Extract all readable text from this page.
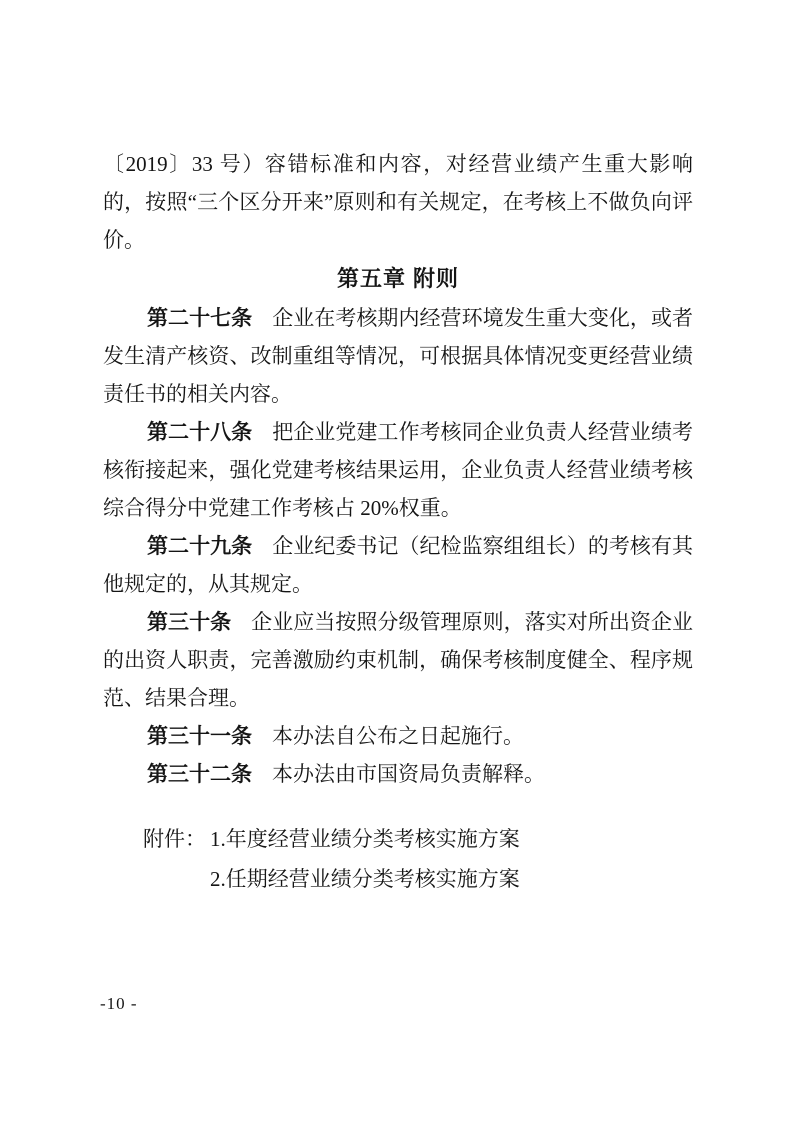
〔2019〕33 号）容错标准和内容，对经营业绩产生重大影响的，按照“三个区分开来”原则和有关规定，在考核上不做负向评价。

第五章 附则

第二十七条 企业在考核期内经营环境发生重大变化，或者发生清产核资、改制重组等情况，可根据具体情况变更经营业绩责任书的相关内容。

第二十八条 把企业党建工作考核同企业负责人经营业绩考核衔接起来，强化党建考核结果运用，企业负责人经营业绩考核综合得分中党建工作考核占 20%权重。

第二十九条 企业纪委书记（纪检监察组组长）的考核有其他规定的，从其规定。

第三十条 企业应当按照分级管理原则，落实对所出资企业的出资人职责，完善激励约束机制，确保考核制度健全、程序规范、结果合理。

第三十一条 本办法自公布之日起施行。

第三十二条 本办法由市国资局负责解释。

附件： 1.年度经营业绩分类考核实施方案
2.任期经营业绩分类考核实施方案
-10 -
